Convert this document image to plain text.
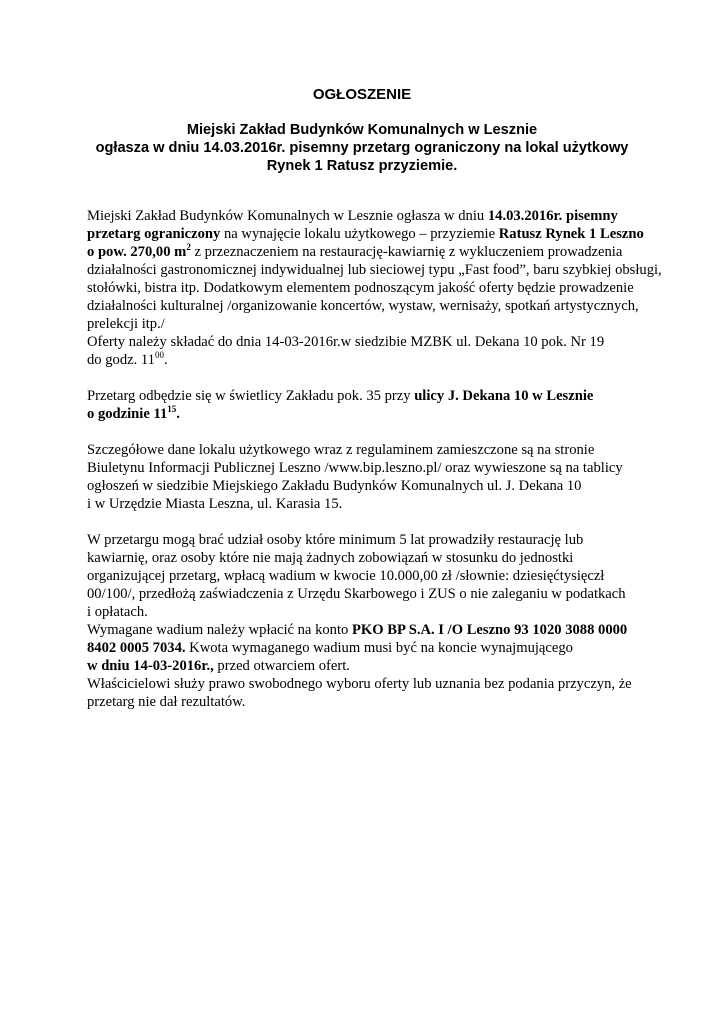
OGŁOSZENIE
Miejski Zakład Budynków Komunalnych w Lesznie
ogłasza w dniu 14.03.2016r. pisemny przetarg ograniczony na lokal użytkowy
Rynek 1 Ratusz przyziemie.
Miejski Zakład Budynków Komunalnych w Lesznie ogłasza w dniu 14.03.2016r. pisemny
przetarg ograniczony na wynajęcie lokalu użytkowego – przyziemie Ratusz Rynek 1 Leszno
o pow. 270,00 $m^2$ z przeznaczeniem na restaurację-kawiarnię z wykluczeniem prowadzenia
działalności gastronomicznej indywidualnej lub sieciowej typu „Fast food”, baru szybkiej obsługi,
stołówki, bistra itp. Dodatkowym elementem podnoszącym jakość oferty będzie prowadzenie
działalności kulturalnej /organizowanie koncertów, wystaw, wernisaży, spotkań artystycznych,
prelekcji itp./
Oferty należy składać do dnia 14-03-2016r.w siedzibie MZBK ul. Dekana 10 pok. Nr 19
do godz. $11^{00}$.
Przetarg odbędzie się w świetlicy Zakładu pok. 35 przy ulicy J. Dekana 10 w Lesznie
o godzinie $11^{15}$.
Szczegółowe dane lokalu użytkowego wraz z regulaminem zamieszczone są na stronie
Biuletynu Informacji Publicznej Leszno /www.bip.leszno.pl/ oraz wywieszone są na tablicy
ogłoszeń w siedzibie Miejskiego Zakładu Budynków Komunalnych ul. J. Dekana 10
i w Urzędzie Miasta Leszna, ul. Karasia 15.
W przetargu mogą brać udział osoby które minimum 5 lat prowadziły restaurację lub
kawiarnię, oraz osoby które nie mają żadnych zobowiązań w stosunku do jednostki
organizującej przetarg, wpłacą wadium w kwocie 10.000,00 zł /słownie: dziesięćtysięczł
00/100/, przedłożą zaświadczenia z Urzędu Skarbowego i ZUS o nie zaleganiu w podatkach
i opłatach.
Wymagane wadium należy wpłacić na konto PKO BP S.A. I /O Leszno 93 1020 3088 0000
8402 0005 7034. Kwota wymaganego wadium musi być na koncie wynajmującego
w dniu 14-03-2016r., przed otwarciem ofert.
Właścicielowi służy prawo swobodnego wyboru oferty lub uznania bez podania przyczyn, że
przetarg nie dał rezultatów.
